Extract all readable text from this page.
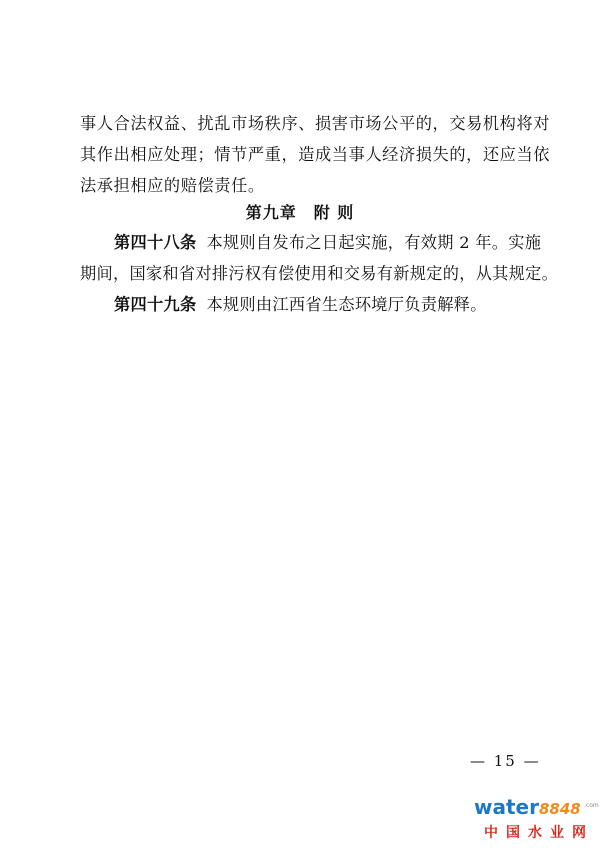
事人合法权益、扰乱市场秩序、损害市场公平的，交易机构将对
其作出相应处理；情节严重，造成当事人经济损失的，还应当依
法承担相应的赔偿责任。
第九章　附 则
第四十八条 本规则自发布之日起实施，有效期 2 年。实施
期间，国家和省对排污权有偿使用和交易有新规定的，从其规定。
第四十九条 本规则由江西省生态环境厅负责解释。
— 15 —
water8848 .com
中国水业网
